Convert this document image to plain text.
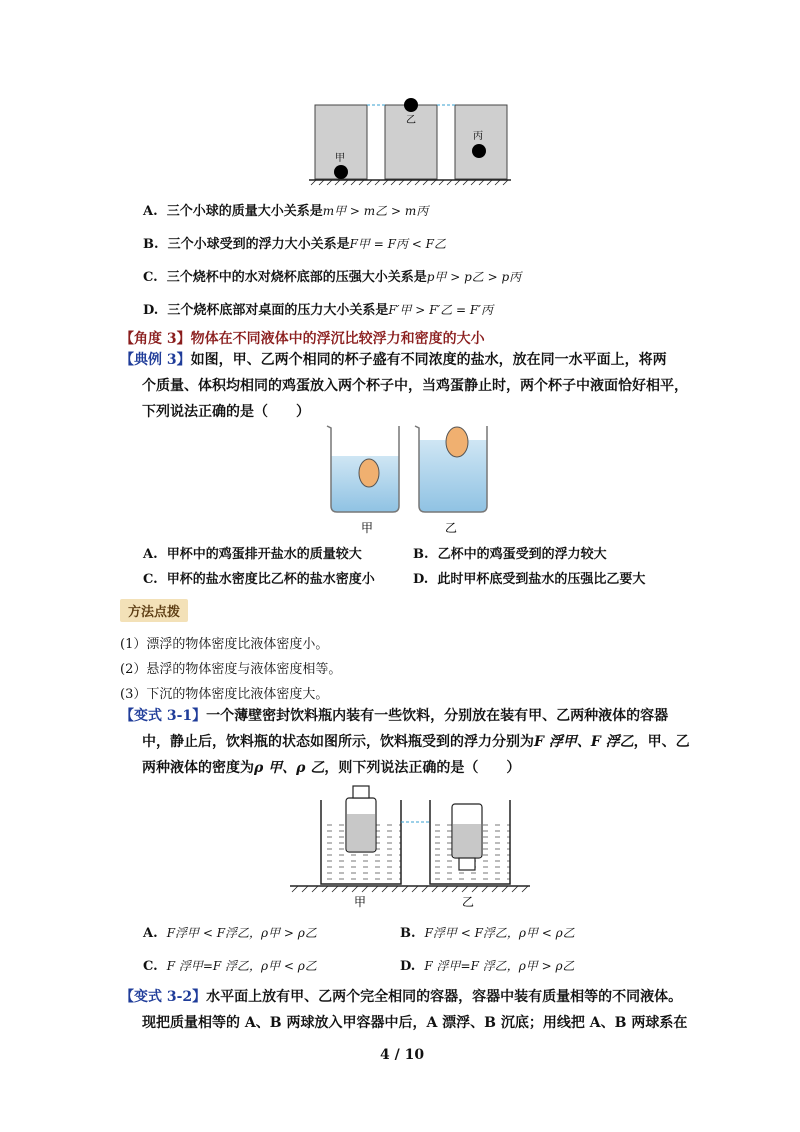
甲
乙
丙
A. 三个小球的质量大小关系是m甲 > m乙 > m丙
B. 三个小球受到的浮力大小关系是F甲 = F丙 < F乙
C. 三个烧杯中的水对烧杯底部的压强大小关系是p甲 > p乙 > p丙
D. 三个烧杯底部对桌面的压力大小关系是F′甲 > F′乙 = F′丙
【角度 3】物体在不同液体中的浮沉比较浮力和密度的大小
【典例 3】如图，甲、乙两个相同的杯子盛有不同浓度的盐水，放在同一水平面上，将两
个质量、体积均相同的鸡蛋放入两个杯子中，当鸡蛋静止时，两个杯子中液面恰好相平，
下列说法正确的是（　　）
甲	乙
A. 甲杯中的鸡蛋排开盐水的质量较大	B. 乙杯中的鸡蛋受到的浮力较大
C. 甲杯的盐水密度比乙杯的盐水密度小	D. 此时甲杯底受到盐水的压强比乙要大
方法点拨
(1）漂浮的物体密度比液体密度小。
(2）悬浮的物体密度与液体密度相等。
(3）下沉的物体密度比液体密度大。
【变式 3-1】一个薄壁密封饮料瓶内装有一些饮料，分别放在装有甲、乙两种液体的容器
中，静止后，饮料瓶的状态如图所示，饮料瓶受到的浮力分别为F 浮甲、F 浮乙，甲、乙
两种液体的密度为ρ 甲、ρ 乙，则下列说法正确的是（　　）
甲	乙
A. F浮甲 < F浮乙，ρ甲 > ρ乙	B. F浮甲 < F浮乙，ρ甲 < ρ乙
C. F 浮甲=F 浮乙，ρ甲 < ρ乙	D. F 浮甲=F 浮乙，ρ甲 > ρ乙
【变式 3-2】水平面上放有甲、乙两个完全相同的容器，容器中装有质量相等的不同液体。
现把质量相等的 A、B 两球放入甲容器中后，A 漂浮、B 沉底；用线把 A、B 两球系在
4 / 10
